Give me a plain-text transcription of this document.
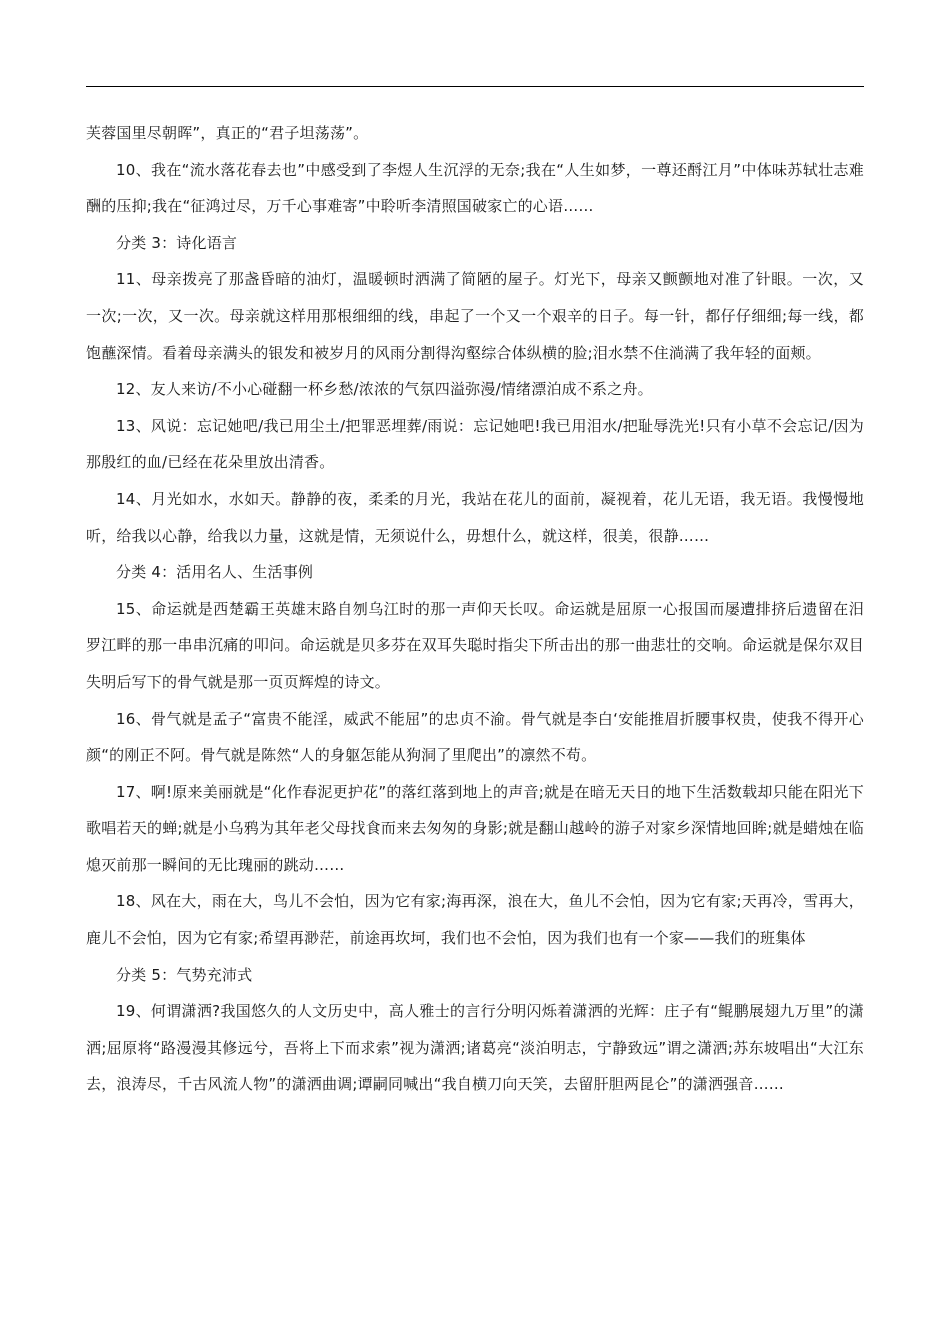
芙蓉国里尽朝晖”，真正的“君子坦荡荡”。

10、我在“流水落花春去也”中感受到了李煜人生沉浮的无奈;我在“人生如梦，一尊还酹江月”中体味苏轼壮志难酬的压抑;我在“征鸿过尽，万千心事难寄”中聆听李清照国破家亡的心语……

分类 3：诗化语言

11、母亲拨亮了那盏昏暗的油灯，温暖顿时洒满了简陋的屋子。灯光下，母亲又颤颤地对准了针眼。一次，又一次;一次，又一次。母亲就这样用那根细细的线，串起了一个又一个艰辛的日子。每一针，都仔仔细细;每一线，都饱蘸深情。看着母亲满头的银发和被岁月的风雨分割得沟壑综合体纵横的脸;泪水禁不住淌满了我年轻的面颊。

12、友人来访/不小心碰翻一杯乡愁/浓浓的气氛四溢弥漫/情绪漂泊成不系之舟。

13、风说：忘记她吧/我已用尘土/把罪恶埋葬/雨说：忘记她吧!我已用泪水/把耻辱洗光!只有小草不会忘记/因为那殷红的血/已经在花朵里放出清香。

14、月光如水，水如天。静静的夜，柔柔的月光，我站在花儿的面前，凝视着，花儿无语，我无语。我慢慢地听，给我以心静，给我以力量，这就是情，无须说什么，毋想什么，就这样，很美，很静……

分类 4：活用名人、生活事例

15、命运就是西楚霸王英雄末路自刎乌江时的那一声仰天长叹。命运就是屈原一心报国而屡遭排挤后遗留在汨罗江畔的那一串串沉痛的叩问。命运就是贝多芬在双耳失聪时指尖下所击出的那一曲悲壮的交响。命运就是保尔双目失明后写下的骨气就是那一页页辉煌的诗文。

16、骨气就是孟子“富贵不能淫，威武不能屈”的忠贞不渝。骨气就是李白‘安能推眉折腰事权贵，使我不得开心颜“的刚正不阿。骨气就是陈然“人的身躯怎能从狗洞了里爬出”的凛然不苟。

17、啊!原来美丽就是“化作春泥更护花”的落红落到地上的声音;就是在暗无天日的地下生活数载却只能在阳光下歌唱若天的蝉;就是小乌鸦为其年老父母找食而来去匆匆的身影;就是翻山越岭的游子对家乡深情地回眸;就是蜡烛在临熄灭前那一瞬间的无比瑰丽的跳动……

18、风在大，雨在大，鸟儿不会怕，因为它有家;海再深，浪在大，鱼儿不会怕，因为它有家;天再冷，雪再大，鹿儿不会怕，因为它有家;希望再渺茫，前途再坎坷，我们也不会怕，因为我们也有一个家——我们的班集体

分类 5：气势充沛式

19、何谓潇洒?我国悠久的人文历史中，高人雅士的言行分明闪烁着潇洒的光辉：庄子有“鲲鹏展翅九万里”的潇洒;屈原将“路漫漫其修远兮，吾将上下而求索”视为潇洒;诸葛亮“淡泊明志，宁静致远”谓之潇洒;苏东坡唱出“大江东去，浪涛尽，千古风流人物”的潇洒曲调;谭嗣同喊出“我自横刀向天笑，去留肝胆两昆仑”的潇洒强音……
